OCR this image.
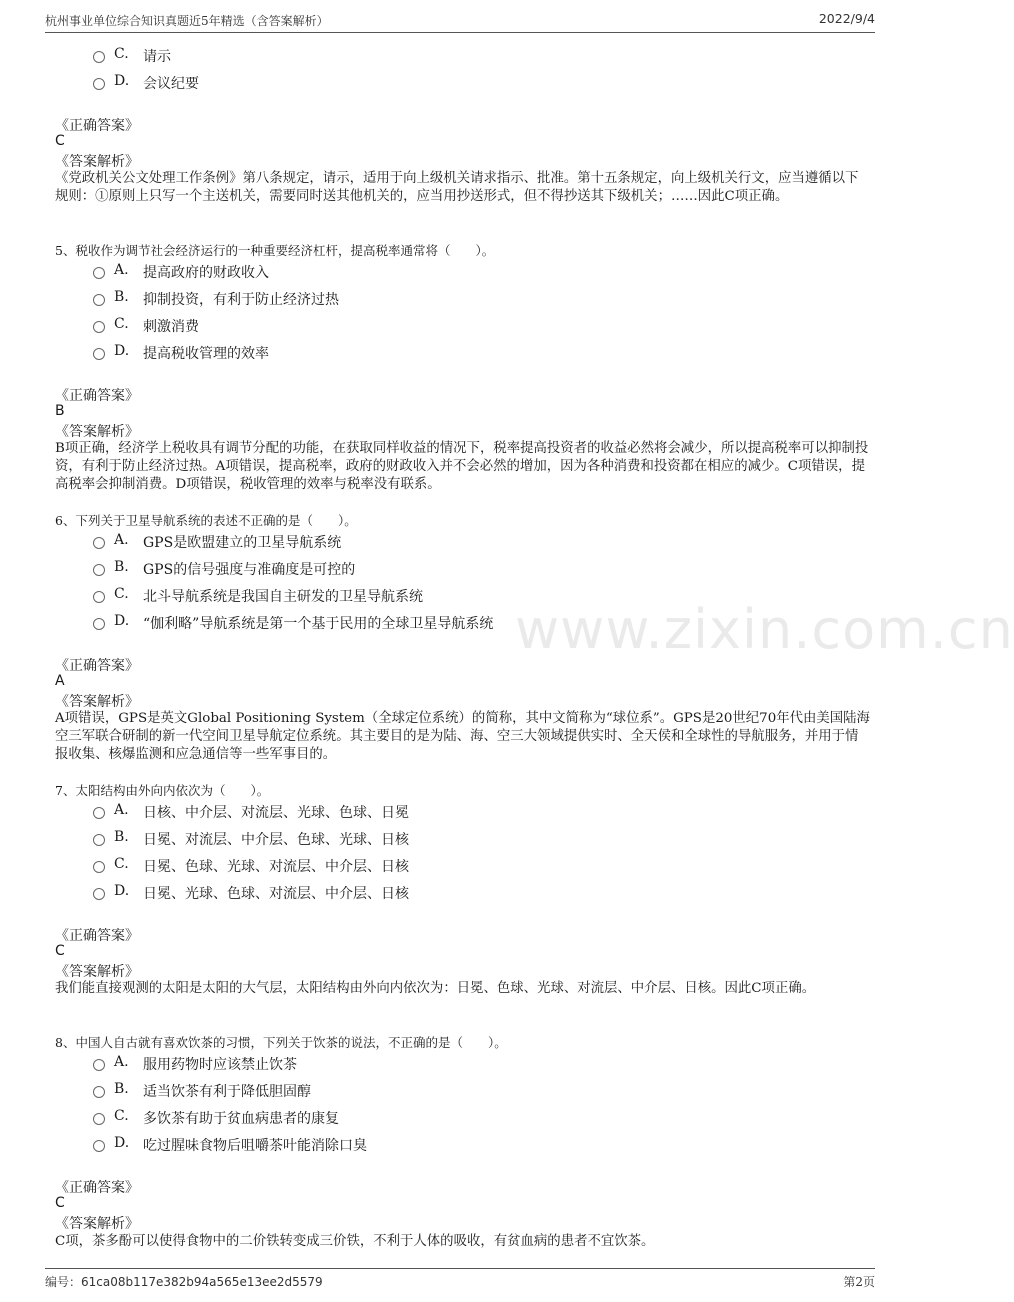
杭州事业单位综合知识真题近5年精选（含答案解析）	2022/9/4
www.zixin.com.cn
C. 请示
D. 会议纪要
《正确答案》
C
《答案解析》
《党政机关公文处理工作条例》第八条规定，请示，适用于向上级机关请求指示、批准。第十五条规定，向上级机关行文，应当遵循以下规则：①原则上只写一个主送机关，需要同时送其他机关的，应当用抄送形式，但不得抄送其下级机关；……因此C项正确。
5、税收作为调节社会经济运行的一种重要经济杠杆，提高税率通常将（　　）。
A. 提高政府的财政收入
B. 抑制投资，有利于防止经济过热
C. 刺激消费
D. 提高税收管理的效率
《正确答案》
B
《答案解析》
B项正确，经济学上税收具有调节分配的功能，在获取同样收益的情况下，税率提高投资者的收益必然将会减少，所以提高税率可以抑制投资，有利于防止经济过热。A项错误，提高税率，政府的财政收入并不会必然的增加，因为各种消费和投资都在相应的减少。C项错误，提高税率会抑制消费。D项错误，税收管理的效率与税率没有联系。
6、下列关于卫星导航系统的表述不正确的是（　　）。
A. GPS是欧盟建立的卫星导航系统
B. GPS的信号强度与准确度是可控的
C. 北斗导航系统是我国自主研发的卫星导航系统
D. “伽利略”导航系统是第一个基于民用的全球卫星导航系统
《正确答案》
A
《答案解析》
A项错误，GPS是英文Global Positioning System（全球定位系统）的简称，其中文简称为“球位系”。GPS是20世纪70年代由美国陆海空三军联合研制的新一代空间卫星导航定位系统。其主要目的是为陆、海、空三大领域提供实时、全天侯和全球性的导航服务，并用于情报收集、核爆监测和应急通信等一些军事目的。
7、太阳结构由外向内依次为（　　）。
A. 日核、中介层、对流层、光球、色球、日冕
B. 日冕、对流层、中介层、色球、光球、日核
C. 日冕、色球、光球、对流层、中介层、日核
D. 日冕、光球、色球、对流层、中介层、日核
《正确答案》
C
《答案解析》
我们能直接观测的太阳是太阳的大气层，太阳结构由外向内依次为：日冕、色球、光球、对流层、中介层、日核。因此C项正确。
8、中国人自古就有喜欢饮茶的习惯，下列关于饮茶的说法，不正确的是（　　）。
A. 服用药物时应该禁止饮茶
B. 适当饮茶有利于降低胆固醇
C. 多饮茶有助于贫血病患者的康复
D. 吃过腥味食物后咀嚼茶叶能消除口臭
《正确答案》
C
《答案解析》
C项，茶多酚可以使得食物中的二价铁转变成三价铁，不利于人体的吸收，有贫血病的患者不宜饮茶。
编号：61ca08b117e382b94a565e13ee2d5579	第2页
